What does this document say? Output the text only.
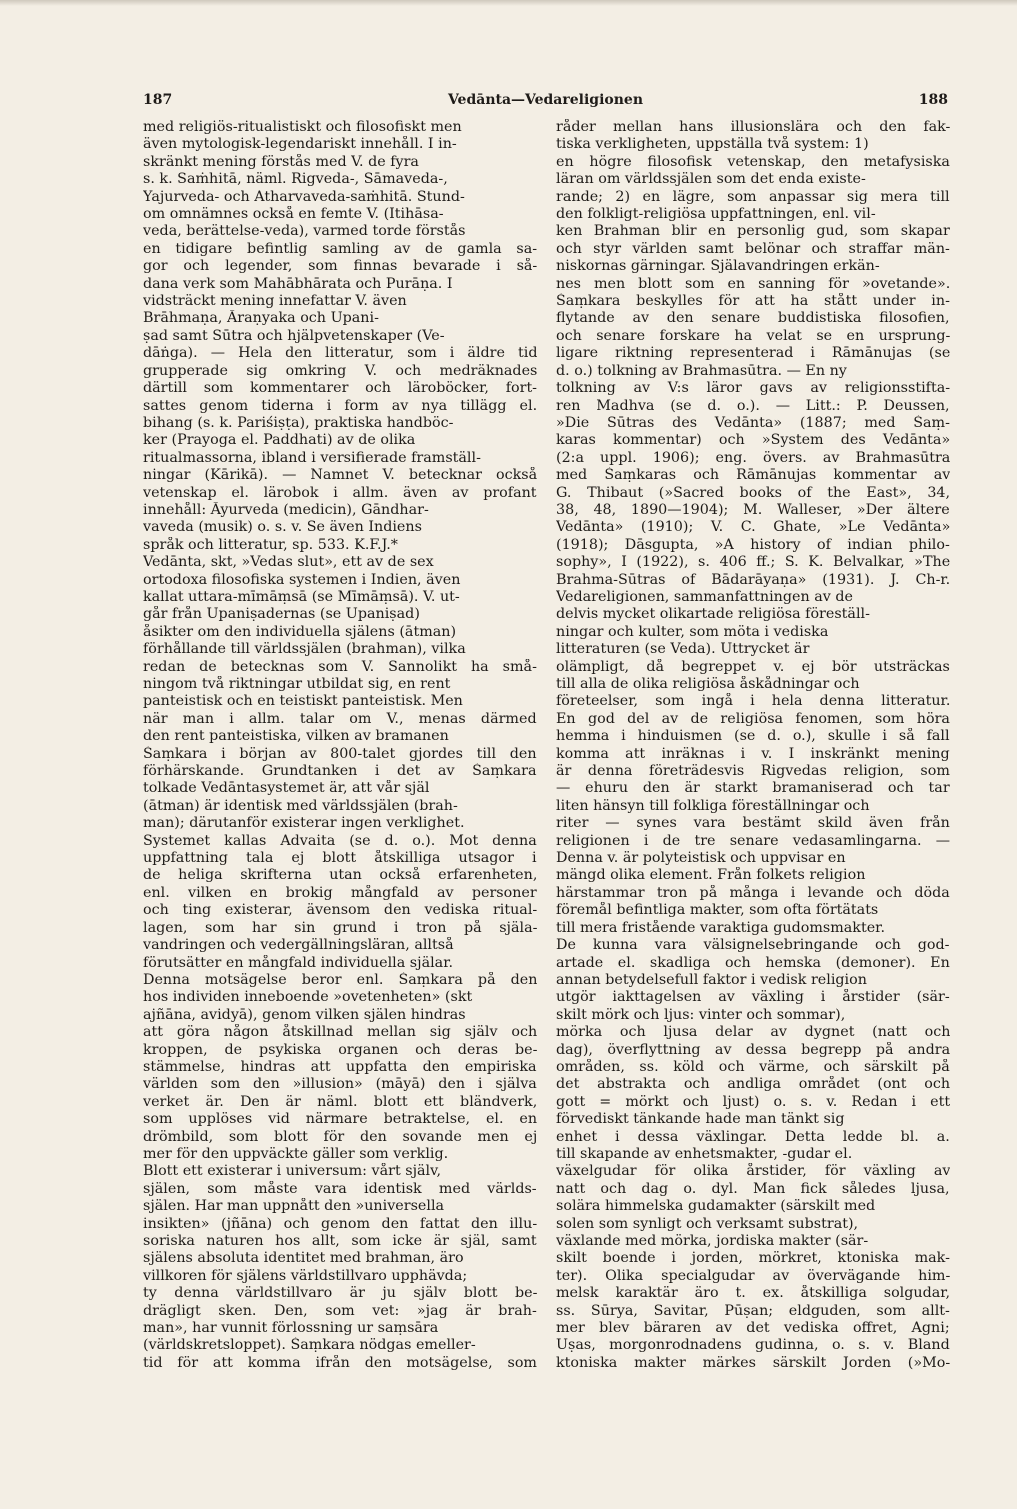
187	Vedānta—Vedareligionen	188
med religiös-ritualistiskt och filosofiskt men
även mytologisk-legendariskt innehåll. I in-
skränkt mening förstås med V. de fyra
s. k. Saṁhitā, näml. Rigveda-, Sāmaveda-,
Yajurveda- och Atharvaveda-saṁhitā. Stund-
om omnämnes också en femte V. (Itihāsa-
veda, berättelse-veda), varmed torde förstås
en tidigare befintlig samling av de gamla sa-
gor och legender, som finnas bevarade i så-
dana verk som Mahābhārata och Purāṇa. I
vidsträckt mening innefattar V. även
Brāhmaṇa, Āraṇyaka och Upani-
ṣad samt Sūtra och hjälpvetenskaper (Ve-
dāṅga). — Hela den litteratur, som i äldre tid
grupperade sig omkring V. och medräknades
därtill som kommentarer och läroböcker, fort-
sattes genom tiderna i form av nya tillägg el.
bihang (s. k. Pariśiṣṭa), praktiska handböc-
ker (Prayoga el. Paddhati) av de olika
ritualmassorna, ibland i versifierade framställ-
ningar (Kārikā). — Namnet V. betecknar också
vetenskap el. lärobok i allm. även av profant
innehåll: Āyurveda (medicin), Gāndhar-
vaveda (musik) o. s. v. Se även Indiens
språk och litteratur, sp. 533. K.F.J.*
Vedānta, skt, »Vedas slut», ett av de sex
ortodoxa filosofiska systemen i Indien, även
kallat uttara-mīmāṃsā (se Mīmāṃsā). V. ut-
går från Upaniṣadernas (se Upaniṣad)
åsikter om den individuella själens (ātman)
förhållande till världssjälen (brahman), vilka
redan de betecknas som V. Sannolikt ha små-
ningom två riktningar utbildat sig, en rent
panteistisk och en teistiskt panteistisk. Men
när man i allm. talar om V., menas därmed
den rent panteistiska, vilken av bramanen
Śaṃkara i början av 800-talet gjordes till den
förhärskande. Grundtanken i det av Śaṃkara
tolkade Vedāntasystemet är, att vår själ
(ātman) är identisk med världssjälen (brah-
man); därutanför existerar ingen verklighet.
Systemet kallas Advaita (se d. o.). Mot denna
uppfattning tala ej blott åtskilliga utsagor i
de heliga skrifterna utan också erfarenheten,
enl. vilken en brokig mångfald av personer
och ting existerar, ävensom den vediska ritual-
lagen, som har sin grund i tron på själa-
vandringen och vedergällningsläran, alltså
förutsätter en mångfald individuella själar.
Denna motsägelse beror enl. Śaṃkara på den
hos individen inneboende »ovetenheten» (skt
ajñāna, avidyā), genom vilken själen hindras
att göra någon åtskillnad mellan sig själv och
kroppen, de psykiska organen och deras be-
stämmelse, hindras att uppfatta den empiriska
världen som den »illusion» (māyā) den i själva
verket är. Den är näml. blott ett bländverk,
som upplöses vid närmare betraktelse, el. en
drömbild, som blott för den sovande men ej
mer för den uppväckte gäller som verklig.
Blott ett existerar i universum: vårt själv,
själen, som måste vara identisk med världs-
själen. Har man uppnått den »universella
insikten» (jñāna) och genom den fattat den illu-
soriska naturen hos allt, som icke är själ, samt
själens absoluta identitet med brahman, äro
villkoren för själens världstillvaro upphävda;
ty denna världstillvaro är ju själv blott be-
drägligt sken. Den, som vet: »jag är brah-
man», har vunnit förlossning ur saṃsāra
(världskretsloppet). Śaṃkara nödgas emeller-
tid för att komma ifrån den motsägelse, som
råder mellan hans illusionslära och den fak-
tiska verkligheten, uppställa två system: 1)
en högre filosofisk vetenskap, den metafysiska
läran om världssjälen som det enda existe-
rande; 2) en lägre, som anpassar sig mera till
den folkligt-religiösa uppfattningen, enl. vil-
ken Brahman blir en personlig gud, som skapar
och styr världen samt belönar och straffar män-
niskornas gärningar. Själavandringen erkän-
nes men blott som en sanning för »ovetande».
Śaṃkara beskylles för att ha stått under in-
flytande av den senare buddistiska filosofien,
och senare forskare ha velat se en ursprung-
ligare riktning representerad i Rāmānujas (se
d. o.) tolkning av Brahmasūtra. — En ny
tolkning av V:s läror gavs av religionsstifta-
ren Madhva (se d. o.). — Litt.: P. Deussen,
»Die Sūtras des Vedānta» (1887; med Śaṃ-
karas kommentar) och »System des Vedānta»
(2:a uppl. 1906); eng. övers. av Brahmasūtra
med Śaṃkaras och Rāmānujas kommentar av
G. Thibaut (»Sacred books of the East», 34,
38, 48, 1890—1904); M. Walleser, »Der ältere
Vedānta» (1910); V. C. Ghate, »Le Vedānta»
(1918); Dāsgupta, »A history of indian philo-
sophy», I (1922), s. 406 ff.; S. K. Belvalkar, »The
Brahma-Sūtras of Bādarāyaṇa» (1931). J. Ch-r.
Vedareligionen, sammanfattningen av de
delvis mycket olikartade religiösa föreställ-
ningar och kulter, som möta i vediska
litteraturen (se Veda). Uttrycket är
olämpligt, då begreppet v. ej bör utsträckas
till alla de olika religiösa åskådningar och
företeelser, som ingå i hela denna litteratur.
En god del av de religiösa fenomen, som höra
hemma i hinduismen (se d. o.), skulle i så fall
komma att inräknas i v. I inskränkt mening
är denna företrädesvis Rigvedas religion, som
— ehuru den är starkt bramaniserad och tar
liten hänsyn till folkliga föreställningar och
riter — synes vara bestämt skild även från
religionen i de tre senare vedasamlingarna. —
Denna v. är polyteistisk och uppvisar en
mängd olika element. Från folkets religion
härstammar tron på många i levande och döda
föremål befintliga makter, som ofta förtätats
till mera fristående varaktiga gudomsmakter.
De kunna vara välsignelsebringande och god-
artade el. skadliga och hemska (demoner). En
annan betydelsefull faktor i vedisk religion
utgör iakttagelsen av växling i årstider (sär-
skilt mörk och ljus: vinter och sommar),
mörka och ljusa delar av dygnet (natt och
dag), överflyttning av dessa begrepp på andra
områden, ss. köld och värme, och särskilt på
det abstrakta och andliga området (ont och
gott = mörkt och ljust) o. s. v. Redan i ett
förvediskt tänkande hade man tänkt sig
enhet i dessa växlingar. Detta ledde bl. a.
till skapande av enhetsmakter, -gudar el.
växelgudar för olika årstider, för växling av
natt och dag o. dyl. Man fick således ljusa,
solära himmelska gudamakter (särskilt med
solen som synligt och verksamt substrat),
växlande med mörka, jordiska makter (sär-
skilt boende i jorden, mörkret, ktoniska mak-
ter). Olika specialgudar av övervägande him-
melsk karaktär äro t. ex. åtskilliga solgudar,
ss. Sūrya, Savitar, Pūṣan; eldguden, som allt-
mer blev bäraren av det vediska offret, Agni;
Uṣas, morgonrodnadens gudinna, o. s. v. Bland
ktoniska makter märkes särskilt Jorden (»Mo-
